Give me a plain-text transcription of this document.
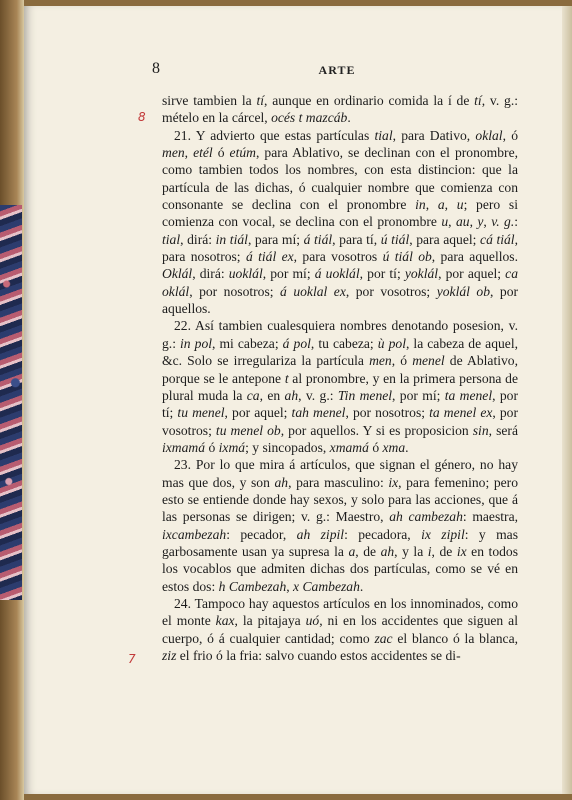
8	ARTE
8
7

sirve tambien la tí, aunque en ordinario comida la í de tí, v. g.: mételo en la cárcel, océs t mazcáb.

21. Y advierto que estas partículas tial, para Dativo, oklal, ó men, etél ó etúm, para Ablativo, se declinan con el pronombre, como tambien todos los nombres, con esta distincion: que la partícula de las dichas, ó cualquier nombre que comienza con consonante se declina con el pronombre in, a, u; pero si comienza con vocal, se declina con el pronombre u, au, y, v. g.: tial, dirá: in tiál, para mí; á tiál, para tí, ú tiál, para aquel; cá tiál, para nosotros; á tiál ex, para vosotros ú tiál ob, para aquellos. Oklál, dirá: uoklál, por mí; á uoklál, por tí; yoklál, por aquel; ca oklál, por nosotros; á uoklal ex, por vosotros; yoklál ob, por aquellos.

22. Así tambien cualesquiera nombres denotando posesion, v. g.: in pol, mi cabeza; á pol, tu cabeza; ù pol, la cabeza de aquel, &c. Solo se irregulariza la partícula men, ó menel de Ablativo, porque se le antepone t al pronombre, y en la primera persona de plural muda la ca, en ah, v. g.: Tin menel, por mí; ta menel, por tí; tu menel, por aquel; tah menel, por nosotros; ta menel ex, por vosotros; tu menel ob, por aquellos. Y si es proposicion sin, será ixmamá ó ixmá; y sincopados, xmamá ó xma.

23. Por lo que mira á artículos, que signan el género, no hay mas que dos, y son ah, para masculino: ix, para femenino; pero esto se entiende donde hay sexos, y solo para las acciones, que á las personas se dirigen; v. g.: Maestro, ah cambezah: maestra, ixcambezah: pecador, ah zipil: pecadora, ix zipil: y mas garbosamente usan ya supresa la a, de ah, y la i, de ix en todos los vocablos que admiten dichas dos partículas, como se vé en estos dos: h Cambezah, x Cambezah.

24. Tampoco hay aquestos artículos en los innominados, como el monte kax, la pitajaya uó, ni en los accidentes que siguen al cuerpo, ó á cualquier cantidad; como zac el blanco ó la blanca, ziz el frio ó la fria: salvo cuando estos accidentes se di-
